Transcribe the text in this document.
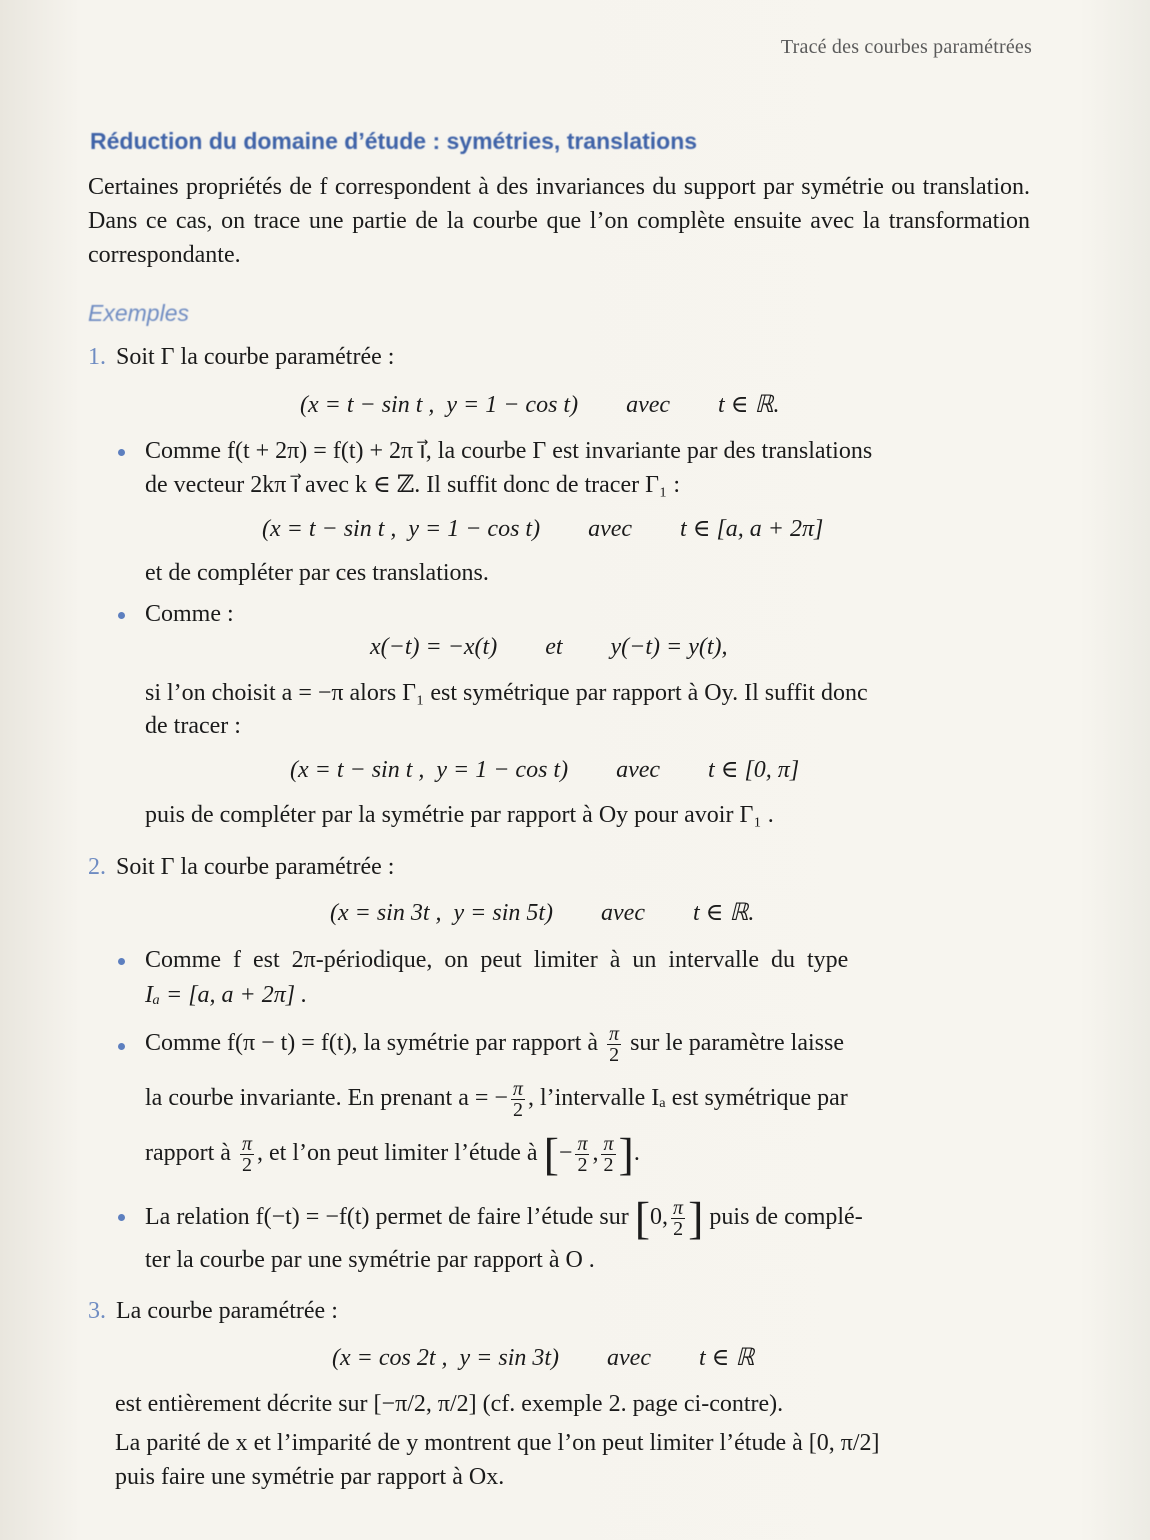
Tracé des courbes paramétrées
Réduction du domaine d’étude : symétries, translations
Certaines propriétés de f correspondent à des invariances du support par symétrie ou translation. Dans ce cas, on trace une partie de la courbe que l’on complète ensuite avec la transformation correspondante.
Exemples
1. Soit Γ la courbe paramétrée :
(x = t − sin t ,  y = 1 − cos t)        avec        t ∈ ℝ.
Comme f(t + 2π) = f(t) + 2π i⃗, la courbe Γ est invariante par des translations
de vecteur 2kπ i⃗ avec k ∈ ℤ. Il suffit donc de tracer Γ₁ :
(x = t − sin t ,  y = 1 − cos t)        avec        t ∈ [a, a + 2π]
et de compléter par ces translations.
Comme :
x(−t) = −x(t)        et        y(−t) = y(t),
si l’on choisit a = −π alors Γ₁ est symétrique par rapport à Oy. Il suffit donc
de tracer :
(x = t − sin t ,  y = 1 − cos t)        avec        t ∈ [0, π]
puis de compléter par la symétrie par rapport à Oy pour avoir Γ₁ .
2. Soit Γ la courbe paramétrée :
(x = sin 3t ,  y = sin 5t)        avec        t ∈ ℝ.
Comme  f  est  2π-périodique,  on  peut  limiter  à  un  intervalle  du  type
Iₐ = [a, a + 2π] .
Comme f(π − t) = f(t), la symétrie par rapport à $\frac{\pi}{2}$ sur le paramètre laisse
la courbe invariante. En prenant a = − $\frac{\pi}{2}$ , l’intervalle Iₐ est symétrique par
rapport à $\frac{\pi}{2}$ , et l’on peut limiter l’étude à [− $\frac{\pi}{2}$ , $\frac{\pi}{2}$ ].
La relation f(−t) = −f(t) permet de faire l’étude sur [0, $\frac{\pi}{2}$ ] puis de complé-
ter la courbe par une symétrie par rapport à O .
3. La courbe paramétrée :
(x = cos 2t ,  y = sin 3t)        avec        t ∈ ℝ
est entièrement décrite sur [−π/2, π/2] (cf. exemple 2. page ci-contre).
La parité de x et l’imparité de y montrent que l’on peut limiter l’étude à [0, π/2]
puis faire une symétrie par rapport à Ox.
